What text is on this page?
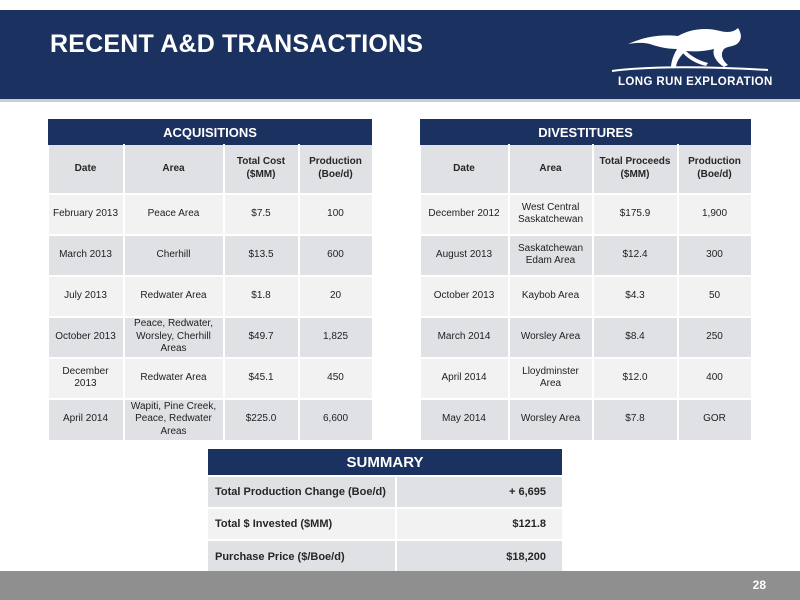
RECENT A&D TRANSACTIONS
LONG RUN EXPLORATION
ACQUISITIONS			
Date	Area	Total Cost ($MM)	Production (Boe/d)
February 2013	Peace Area	$7.5	100
March 2013	Cherhill	$13.5	600
July 2013	Redwater Area	$1.8	20
October 2013	Peace, Redwater, Worsley, Cherhill Areas	$49.7	1,825
December 2013	Redwater Area	$45.1	450
April 2014	Wapiti, Pine Creek, Peace, Redwater Areas	$225.0	6,600
DIVESTITURES			
Date	Area	Total Proceeds ($MM)	Production (Boe/d)
December 2012	West Central Saskatchewan	$175.9	1,900
August 2013	Saskatchewan Edam Area	$12.4	300
October 2013	Kaybob Area	$4.3	50
March 2014	Worsley Area	$8.4	250
April 2014	Lloydminster Area	$12.0	400
May 2014	Worsley Area	$7.8	GOR
SUMMARY	
Total Production Change (Boe/d)	+ 6,695
Total $ Invested ($MM)	$121.8
Purchase Price ($/Boe/d)	$18,200
28
